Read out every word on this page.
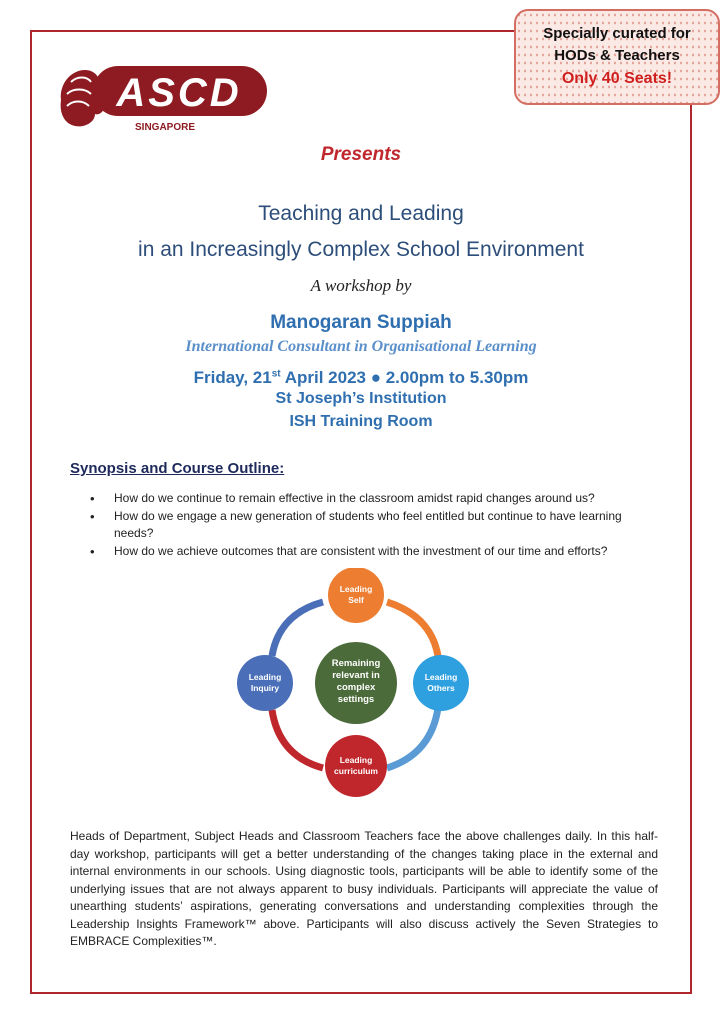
Specially curated for
HODs & Teachers
Only 40 Seats!
ASCD
SINGAPORE
Presents
Teaching and Leading
in an Increasingly Complex School Environment
A workshop by
Manogaran Suppiah
International Consultant in Organisational Learning
Friday, 21st April 2023 ● 2.00pm to 5.30pm
St Joseph’s Institution
ISH Training Room
Synopsis and Course Outline:
• How do we continue to remain effective in the classroom amidst rapid changes around us?
• How do we engage a new generation of students who feel entitled but continue to have learning needs?
• How do we achieve outcomes that are consistent with the investment of our time and efforts?
Leading
Self
Leading
Others
Leading
curriculum
Leading
Inquiry
Remaining
relevant in
complex
settings

Heads of Department, Subject Heads and Classroom Teachers face the above challenges daily. In this half-day workshop, participants will get a better understanding of the changes taking place in the external and internal environments in our schools. Using diagnostic tools, participants will be able to identify some of the underlying issues that are not always apparent to busy individuals. Participants will appreciate the value of unearthing students’ aspirations, generating conversations and understanding complexities through the Leadership Insights Framework™ above. Participants will also discuss actively the Seven Strategies to EMBRACE Complexities™.
